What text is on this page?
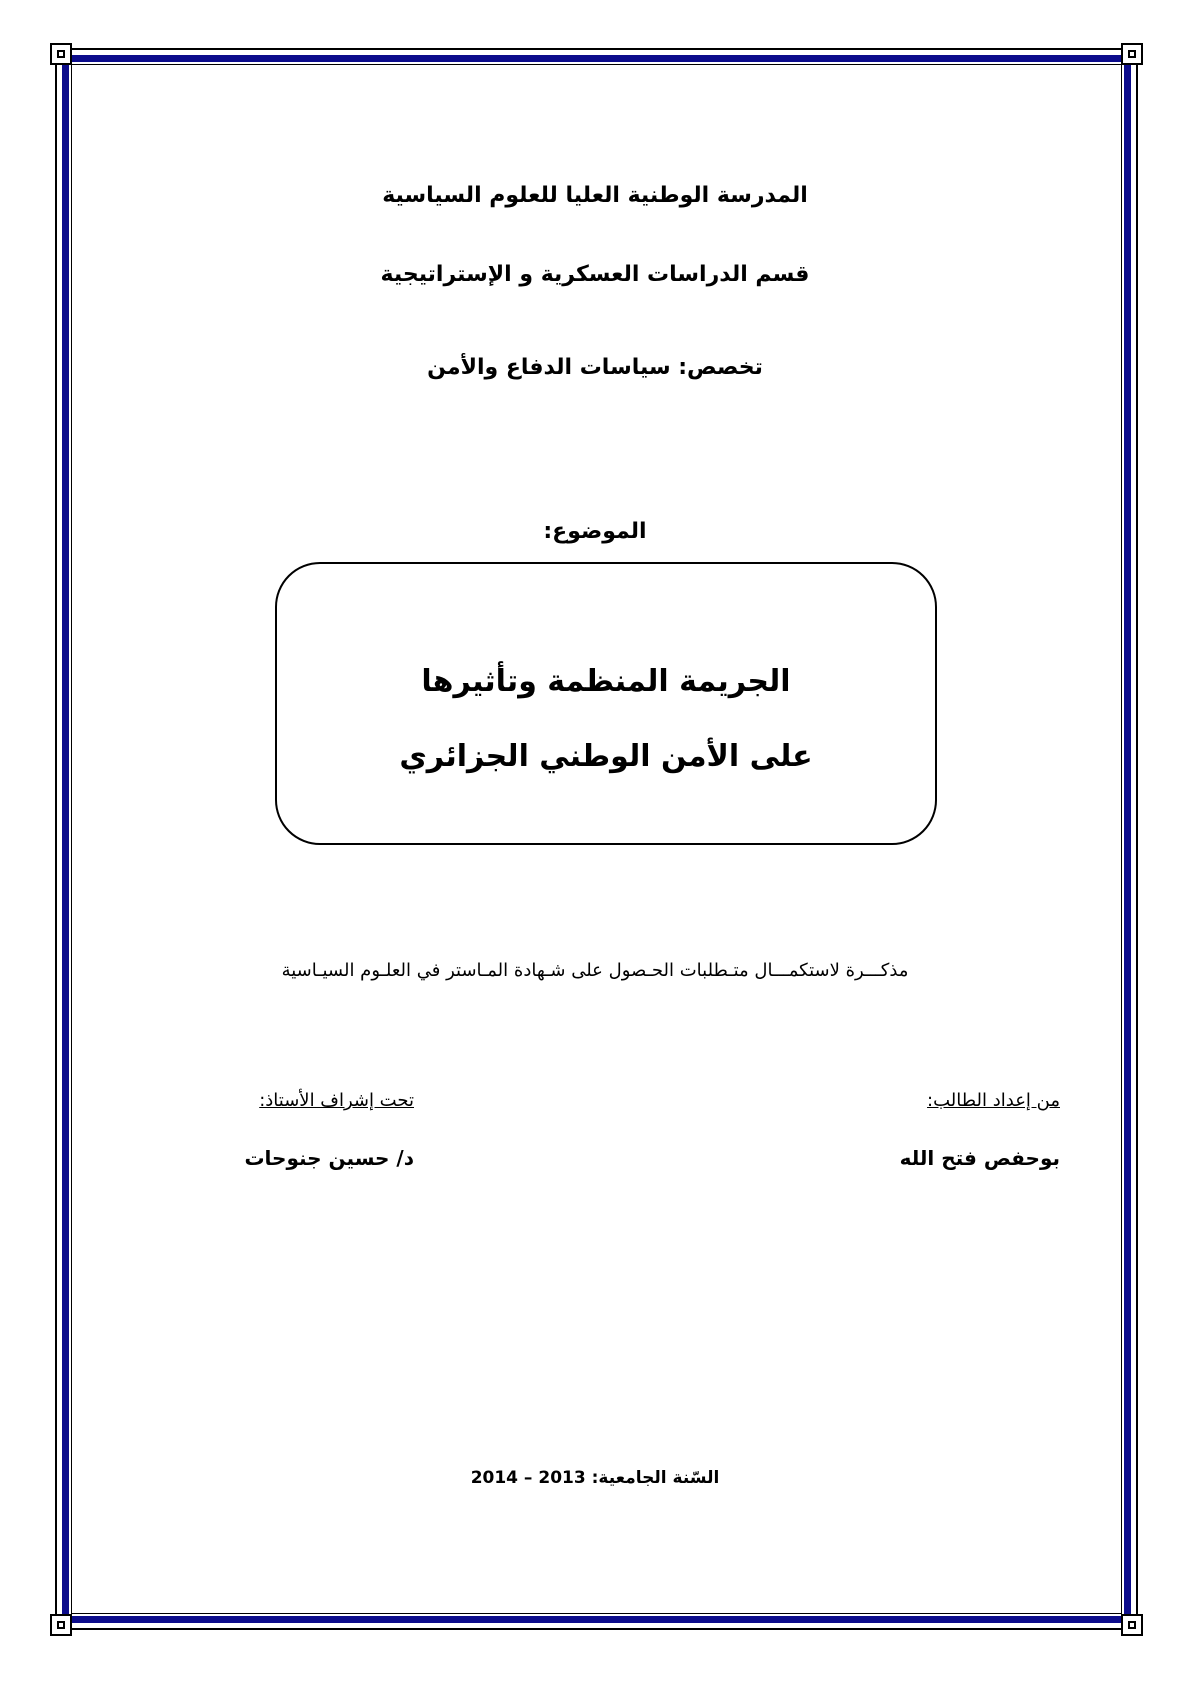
المدرسة الوطنية العليا للعلوم السياسية
قسم الدراسات العسكرية و الإستراتيجية
تخصص: سياسات الدفاع والأمن
الموضوع:
الجريمة المنظمة وتأثيرها
على الأمن الوطني الجزائري
مذكـــرة لاستكمـــال متـطلبات الحـصول على شـهادة المـاستر في العلـوم السيـاسية
من إعداد الطالب:
تحت إشراف الأستاذ:
بوحفص فتح الله
د/ حسين جنوحات
السّنة الجامعية: 2013 – 2014
